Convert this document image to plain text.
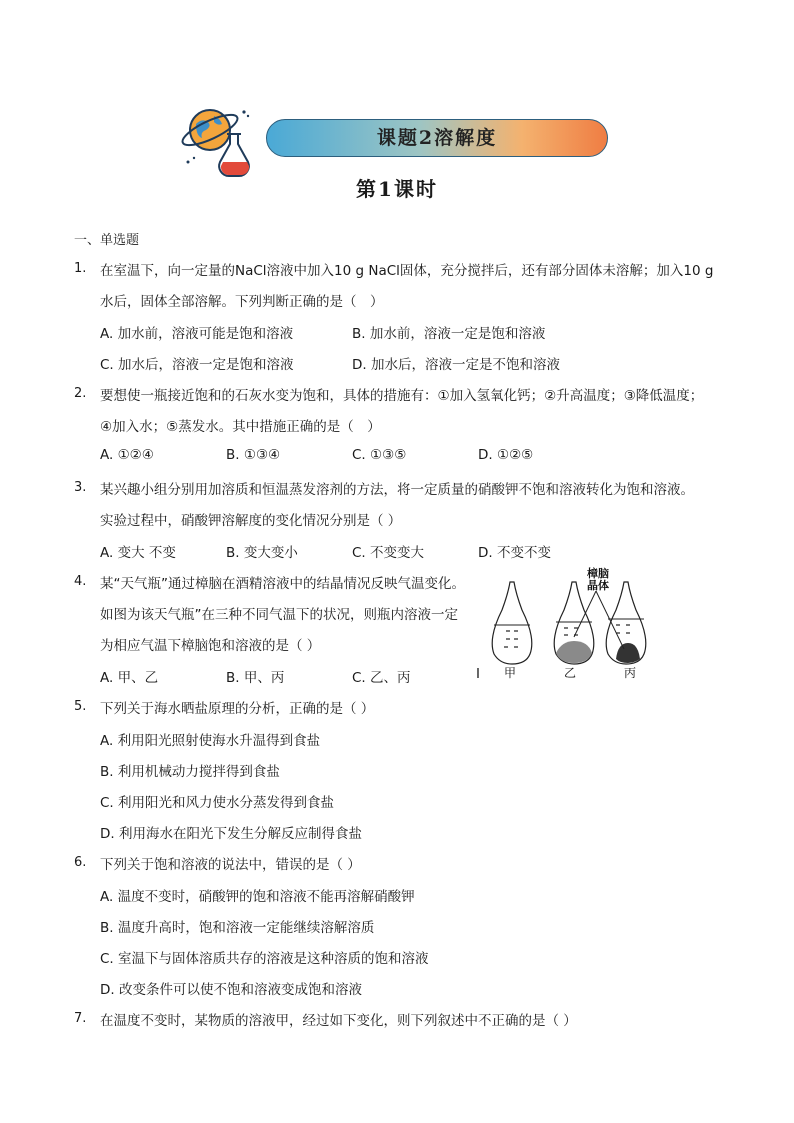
课题2溶解度
第1课时
一、单选题
1. 在室温下，向一定量的NaCl溶液中加入10 g NaCl固体，充分搅拌后，还有部分固体未溶解；加入10 g
水后，固体全部溶解。下列判断正确的是（　）
A. 加水前，溶液可能是饱和溶液	B. 加水前，溶液一定是饱和溶液
C. 加水后，溶液一定是饱和溶液	D. 加水后，溶液一定是不饱和溶液
2. 要想使一瓶接近饱和的石灰水变为饱和，具体的措施有：①加入氢氧化钙；②升高温度；③降低温度；
④加入水；⑤蒸发水。其中措施正确的是（　）
A. ①②④	B. ①③④	C. ①③⑤	D. ①②⑤
3. 某兴趣小组分别用加溶质和恒温蒸发溶剂的方法，将一定质量的硝酸钾不饱和溶液转化为饱和溶液。
实验过程中，硝酸钾溶解度的变化情况分别是（ ）
A. 变大 不变	B. 变大变小	C. 不变变大	D. 不变不变
4. 某“天气瓶”通过樟脑在酒精溶液中的结晶情况反映气温变化。
如图为该天气瓶”在三种不同气温下的状况，则瓶内溶液一定
为相应气温下樟脑饱和溶液的是（ ）
A. 甲、乙	B. 甲、丙	C. 乙、丙	I
樟脑
晶体
甲	乙	丙
5. 下列关于海水晒盐原理的分析，正确的是（ ）
A. 利用阳光照射使海水升温得到食盐
B. 利用机械动力搅拌得到食盐
C. 利用阳光和风力使水分蒸发得到食盐
D. 利用海水在阳光下发生分解反应制得食盐
6. 下列关于饱和溶液的说法中，错误的是（ ）
A. 温度不变时，硝酸钾的饱和溶液不能再溶解硝酸钾
B. 温度升高时，饱和溶液一定能继续溶解溶质
C. 室温下与固体溶质共存的溶液是这种溶质的饱和溶液
D. 改变条件可以使不饱和溶液变成饱和溶液
7. 在温度不变时，某物质的溶液甲，经过如下变化，则下列叙述中不正确的是（ ）
